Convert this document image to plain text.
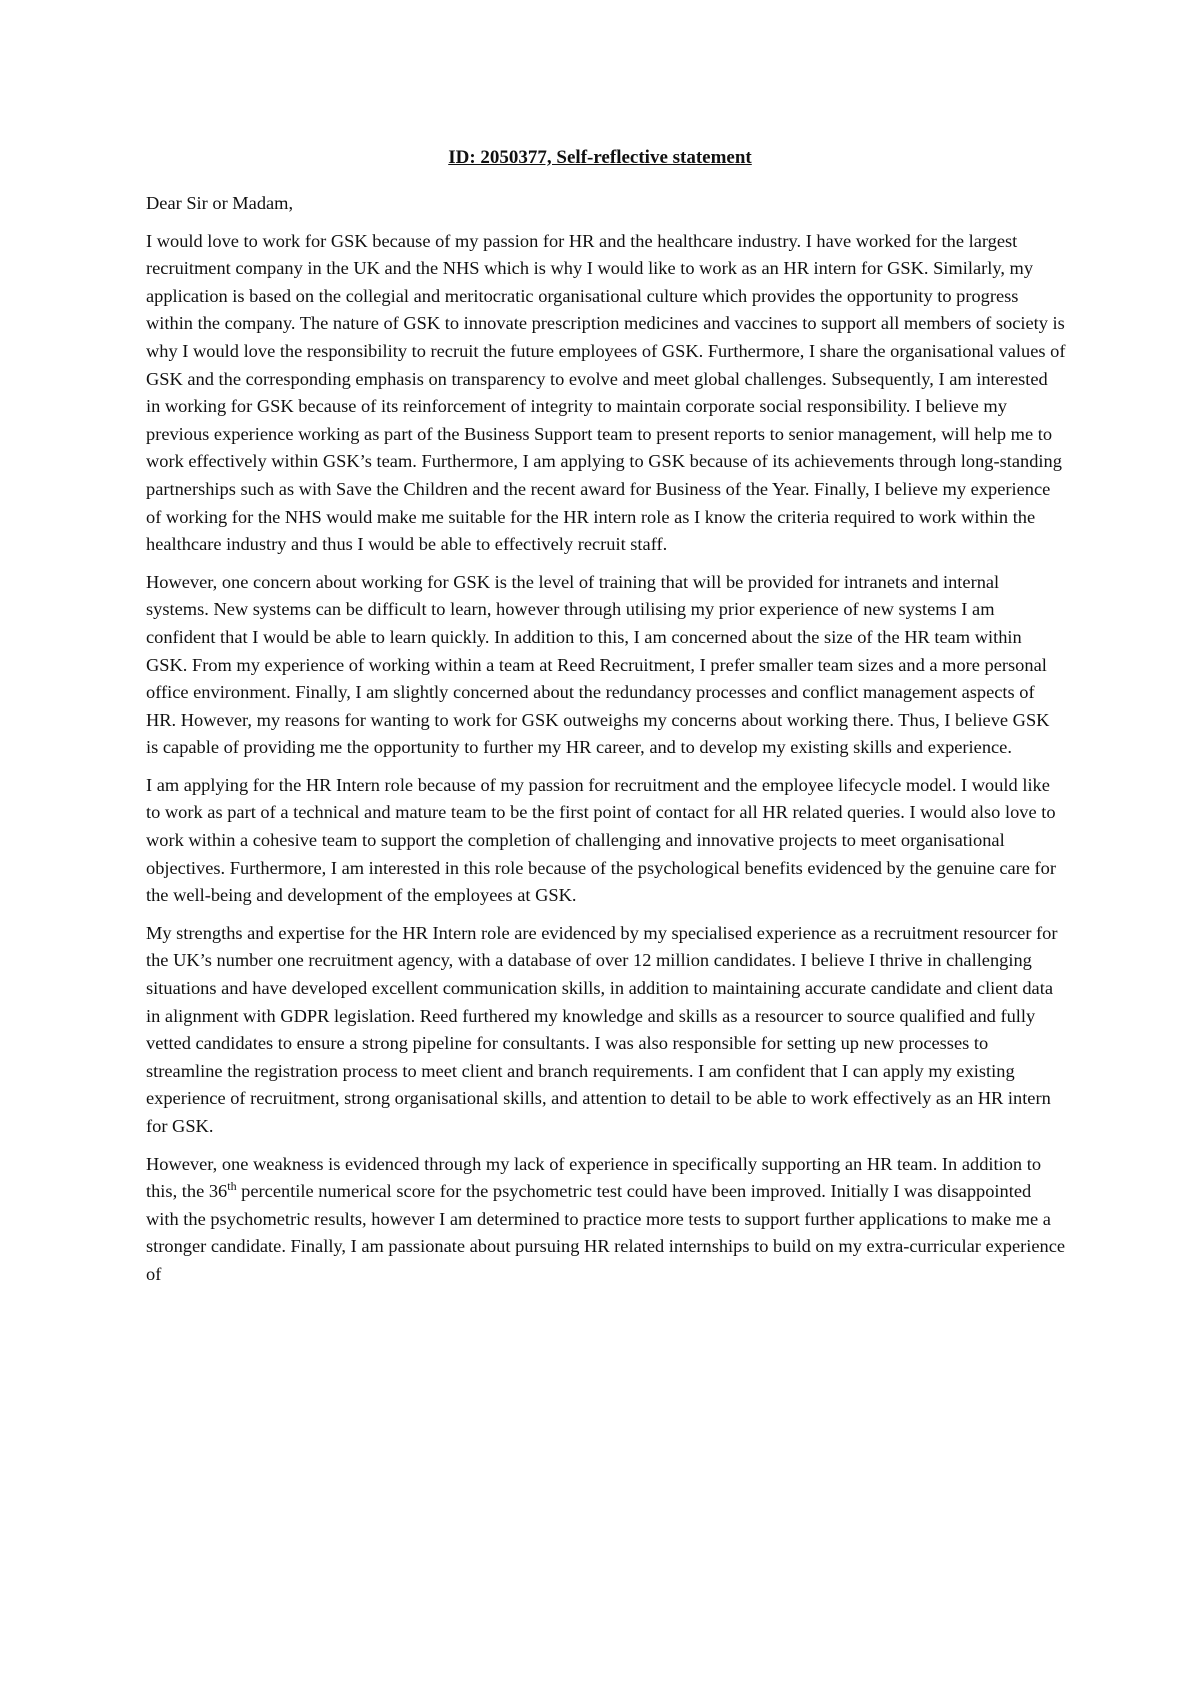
ID: 2050377, Self-reflective statement

Dear Sir or Madam,

I would love to work for GSK because of my passion for HR and the healthcare industry. I have worked for the largest recruitment company in the UK and the NHS which is why I would like to work as an HR intern for GSK. Similarly, my application is based on the collegial and meritocratic organisational culture which provides the opportunity to progress within the company. The nature of GSK to innovate prescription medicines and vaccines to support all members of society is why I would love the responsibility to recruit the future employees of GSK. Furthermore, I share the organisational values of GSK and the corresponding emphasis on transparency to evolve and meet global challenges. Subsequently, I am interested in working for GSK because of its reinforcement of integrity to maintain corporate social responsibility. I believe my previous experience working as part of the Business Support team to present reports to senior management, will help me to work effectively within GSK’s team. Furthermore, I am applying to GSK because of its achievements through long-standing partnerships such as with Save the Children and the recent award for Business of the Year. Finally, I believe my experience of working for the NHS would make me suitable for the HR intern role as I know the criteria required to work within the healthcare industry and thus I would be able to effectively recruit staff.

However, one concern about working for GSK is the level of training that will be provided for intranets and internal systems. New systems can be difficult to learn, however through utilising my prior experience of new systems I am confident that I would be able to learn quickly. In addition to this, I am concerned about the size of the HR team within GSK. From my experience of working within a team at Reed Recruitment, I prefer smaller team sizes and a more personal office environment. Finally, I am slightly concerned about the redundancy processes and conflict management aspects of HR. However, my reasons for wanting to work for GSK outweighs my concerns about working there. Thus, I believe GSK is capable of providing me the opportunity to further my HR career, and to develop my existing skills and experience.

I am applying for the HR Intern role because of my passion for recruitment and the employee lifecycle model. I would like to work as part of a technical and mature team to be the first point of contact for all HR related queries. I would also love to work within a cohesive team to support the completion of challenging and innovative projects to meet organisational objectives. Furthermore, I am interested in this role because of the psychological benefits evidenced by the genuine care for the well-being and development of the employees at GSK.

My strengths and expertise for the HR Intern role are evidenced by my specialised experience as a recruitment resourcer for the UK’s number one recruitment agency, with a database of over 12 million candidates. I believe I thrive in challenging situations and have developed excellent communication skills, in addition to maintaining accurate candidate and client data in alignment with GDPR legislation. Reed furthered my knowledge and skills as a resourcer to source qualified and fully vetted candidates to ensure a strong pipeline for consultants. I was also responsible for setting up new processes to streamline the registration process to meet client and branch requirements. I am confident that I can apply my existing experience of recruitment, strong organisational skills, and attention to detail to be able to work effectively as an HR intern for GSK.

However, one weakness is evidenced through my lack of experience in specifically supporting an HR team. In addition to this, the 36th percentile numerical score for the psychometric test could have been improved. Initially I was disappointed with the psychometric results, however I am determined to practice more tests to support further applications to make me a stronger candidate. Finally, I am passionate about pursuing HR related internships to build on my extra-curricular experience of
